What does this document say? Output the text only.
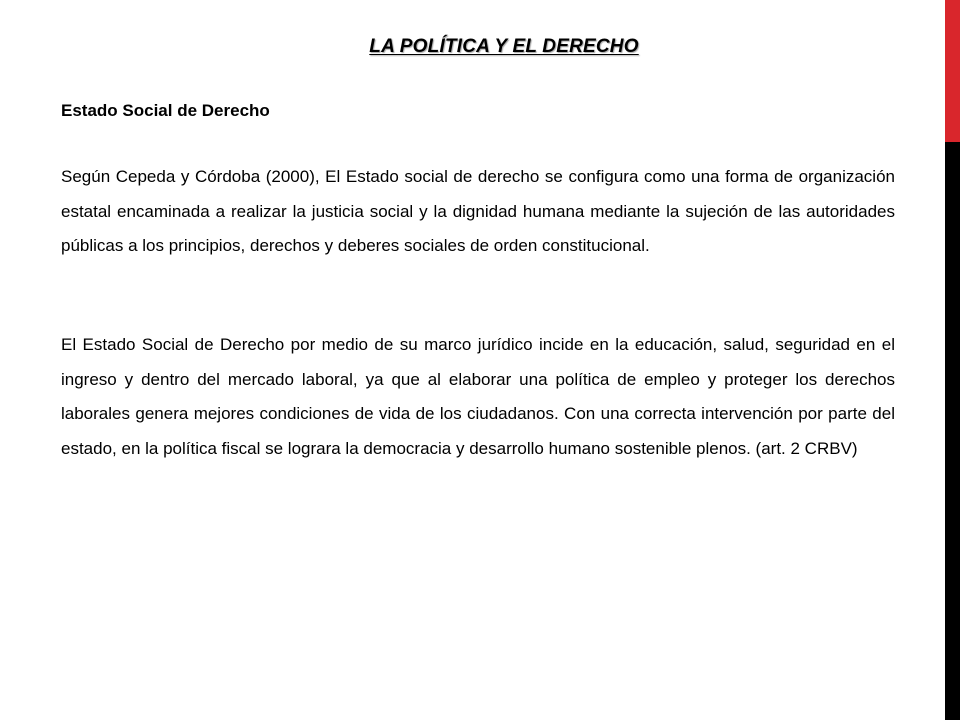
LA POLÍTICA Y EL DERECHO

Estado Social de Derecho

Según Cepeda y Córdoba (2000), El Estado social de derecho se configura como una forma de organización estatal encaminada a realizar la justicia social y la dignidad humana mediante la sujeción de las autoridades públicas a los principios, derechos y deberes sociales de orden constitucional.

El Estado Social de Derecho por medio de su marco jurídico incide en la educación, salud, seguridad en el ingreso y dentro del mercado laboral, ya que al elaborar una política de empleo y proteger los derechos laborales genera mejores condiciones de vida de los ciudadanos. Con una correcta intervención por parte del estado, en la política fiscal se lograra la democracia y desarrollo humano sostenible plenos. (art. 2 CRBV)
